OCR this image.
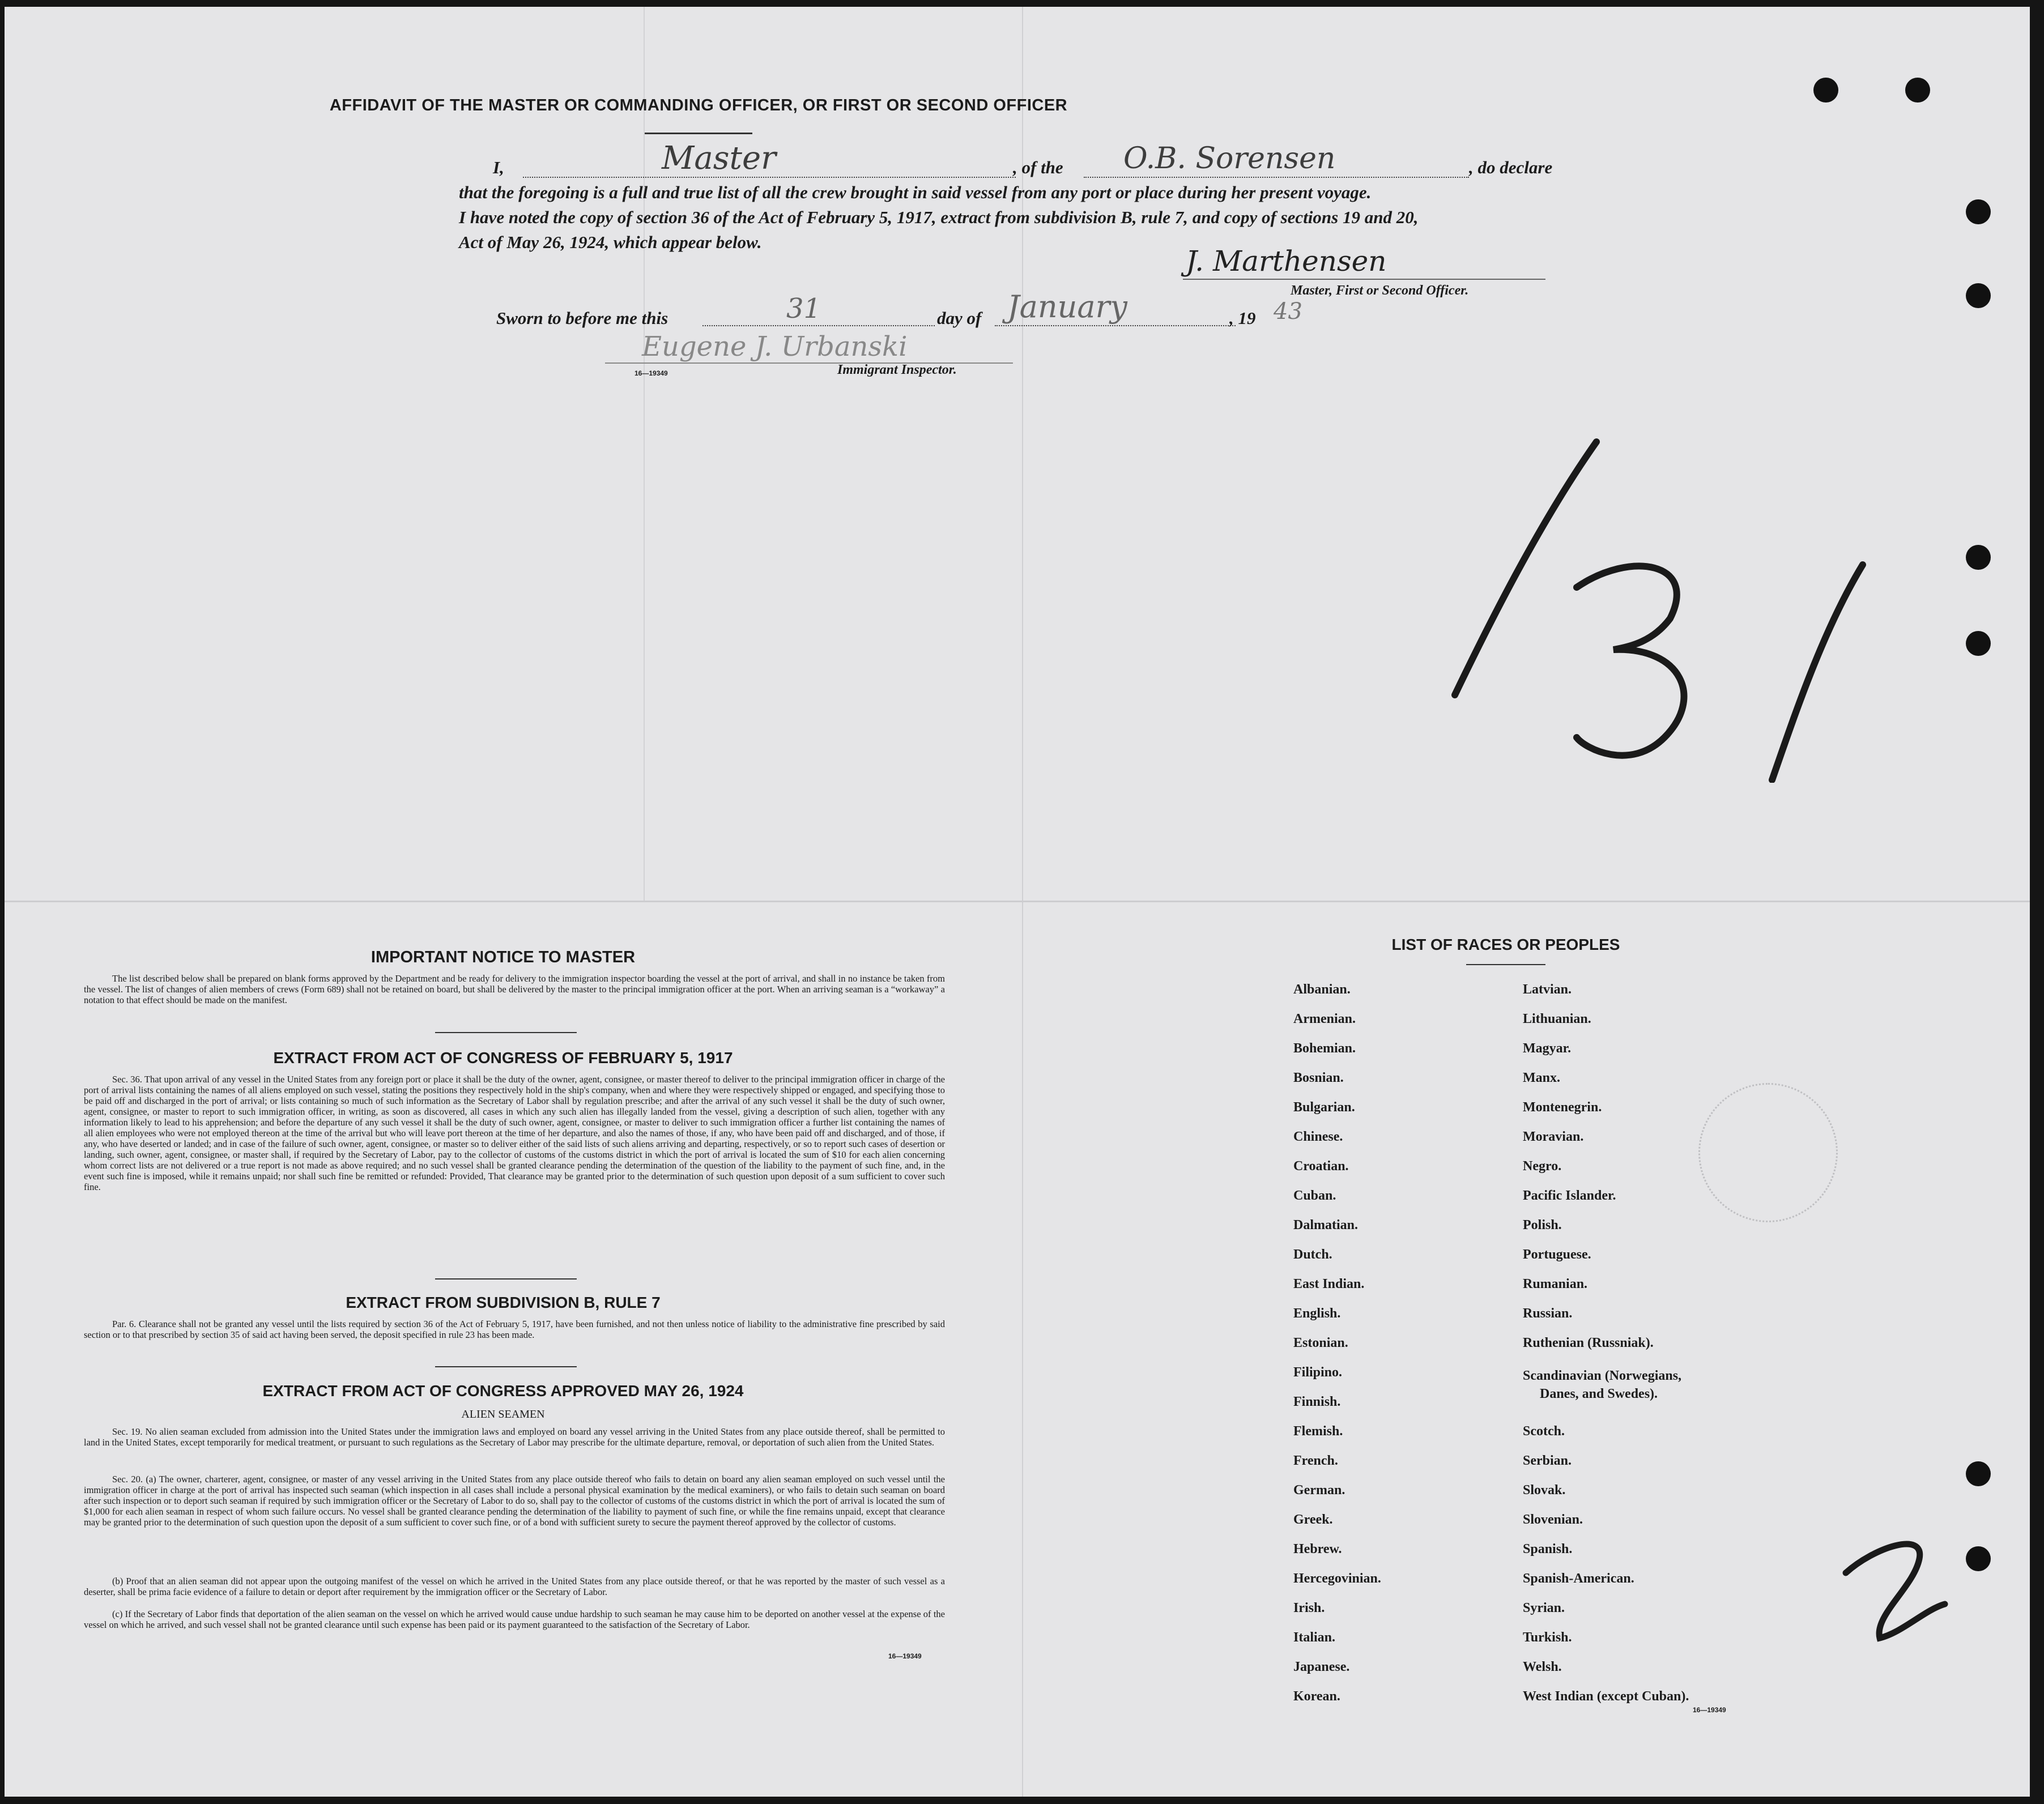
AFFIDAVIT OF THE MASTER OR COMMANDING OFFICER, OR FIRST OR SECOND OFFICER
I,	Master	, of the O.B. Sorensen	, do declare
that the foregoing is a full and true list of all the crew brought in said vessel from any port or place during her present voyage.
I have noted the copy of section 36 of the Act of February 5, 1917, extract from subdivision B, rule 7, and copy of sections 19 and 20,
Act of May 26, 1924, which appear below.
J. Marthensen
Master, First or Second Officer.
Sworn to before me this	31	day of January	, 19 43
Eugene J. Urbanski
16—19349	Immigrant Inspector.
IMPORTANT NOTICE TO MASTER
The list described below shall be prepared on blank forms approved by the Department and be ready for delivery to the immigration inspector boarding the vessel at the port of arrival, and shall in no instance be taken from the vessel. The list of changes of alien members of crews (Form 689) shall not be retained on board, but shall be delivered by the master to the principal immigration officer at the port. When an arriving seaman is a “workaway” a notation to that effect should be made on the manifest.
EXTRACT FROM ACT OF CONGRESS OF FEBRUARY 5, 1917
Sec. 36. That upon arrival of any vessel in the United States from any foreign port or place it shall be the duty of the owner, agent, consignee, or master thereof to deliver to the principal immigration officer in charge of the port of arrival lists containing the names of all aliens employed on such vessel, stating the positions they respectively hold in the ship's company, when and where they were respectively shipped or engaged, and specifying those to be paid off and discharged in the port of arrival; or lists containing so much of such information as the Secretary of Labor shall by regulation prescribe; and after the arrival of any such vessel it shall be the duty of such owner, agent, consignee, or master to report to such immigration officer, in writing, as soon as discovered, all cases in which any such alien has illegally landed from the vessel, giving a description of such alien, together with any information likely to lead to his apprehension; and before the departure of any such vessel it shall be the duty of such owner, agent, consignee, or master to deliver to such immigration officer a further list containing the names of all alien employees who were not employed thereon at the time of the arrival but who will leave port thereon at the time of her departure, and also the names of those, if any, who have been paid off and discharged, and of those, if any, who have deserted or landed; and in case of the failure of such owner, agent, consignee, or master so to deliver either of the said lists of such aliens arriving and departing, respectively, or so to report such cases of desertion or landing, such owner, agent, consignee, or master shall, if required by the Secretary of Labor, pay to the collector of customs of the customs district in which the port of arrival is located the sum of $10 for each alien concerning whom correct lists are not delivered or a true report is not made as above required; and no such vessel shall be granted clearance pending the determination of the question of the liability to the payment of such fine, and, in the event such fine is imposed, while it remains unpaid; nor shall such fine be remitted or refunded: Provided, That clearance may be granted prior to the determination of such question upon deposit of a sum sufficient to cover such fine.
EXTRACT FROM SUBDIVISION B, RULE 7
Par. 6. Clearance shall not be granted any vessel until the lists required by section 36 of the Act of February 5, 1917, have been furnished, and not then unless notice of liability to the administrative fine prescribed by said section or to that prescribed by section 35 of said act having been served, the deposit specified in rule 23 has been made.
EXTRACT FROM ACT OF CONGRESS APPROVED MAY 26, 1924
ALIEN SEAMEN
Sec. 19. No alien seaman excluded from admission into the United States under the immigration laws and employed on board any vessel arriving in the United States from any place outside thereof, shall be permitted to land in the United States, except temporarily for medical treatment, or pursuant to such regulations as the Secretary of Labor may prescribe for the ultimate departure, removal, or deportation of such alien from the United States.
Sec. 20. (a) The owner, charterer, agent, consignee, or master of any vessel arriving in the United States from any place outside thereof who fails to detain on board any alien seaman employed on such vessel until the immigration officer in charge at the port of arrival has inspected such seaman (which inspection in all cases shall include a personal physical examination by the medical examiners), or who fails to detain such seaman on board after such inspection or to deport such seaman if required by such immigration officer or the Secretary of Labor to do so, shall pay to the collector of customs of the customs district in which the port of arrival is located the sum of $1,000 for each alien seaman in respect of whom such failure occurs. No vessel shall be granted clearance pending the determination of the liability to payment of such fine, or while the fine remains unpaid, except that clearance may be granted prior to the determination of such question upon the deposit of a sum sufficient to cover such fine, or of a bond with sufficient surety to secure the payment thereof approved by the collector of customs.
(b) Proof that an alien seaman did not appear upon the outgoing manifest of the vessel on which he arrived in the United States from any place outside thereof, or that he was reported by the master of such vessel as a deserter, shall be prima facie evidence of a failure to detain or deport after requirement by the immigration officer or the Secretary of Labor.
(c) If the Secretary of Labor finds that deportation of the alien seaman on the vessel on which he arrived would cause undue hardship to such seaman he may cause him to be deported on another vessel at the expense of the vessel on which he arrived, and such vessel shall not be granted clearance until such expense has been paid or its payment guaranteed to the satisfaction of the Secretary of Labor.
16—19349
LIST OF RACES OR PEOPLES
Albanian.
Armenian.
Bohemian.
Bosnian.
Bulgarian.
Chinese.
Croatian.
Cuban.
Dalmatian.
Dutch.
East Indian.
English.
Estonian.
Filipino.
Finnish.
Flemish.
French.
German.
Greek.
Hebrew.
Hercegovinian.
Irish.
Italian.
Japanese.
Korean.
Latvian.
Lithuanian.
Magyar.
Manx.
Montenegrin.
Moravian.
Negro.
Pacific Islander.
Polish.
Portuguese.
Rumanian.
Russian.
Ruthenian (Russniak).
Scandinavian (Norwegians,
Danes, and Swedes).
Scotch.
Serbian.
Slovak.
Slovenian.
Spanish.
Spanish-American.
Syrian.
Turkish.
Welsh.
West Indian (except Cuban).
16—19349
